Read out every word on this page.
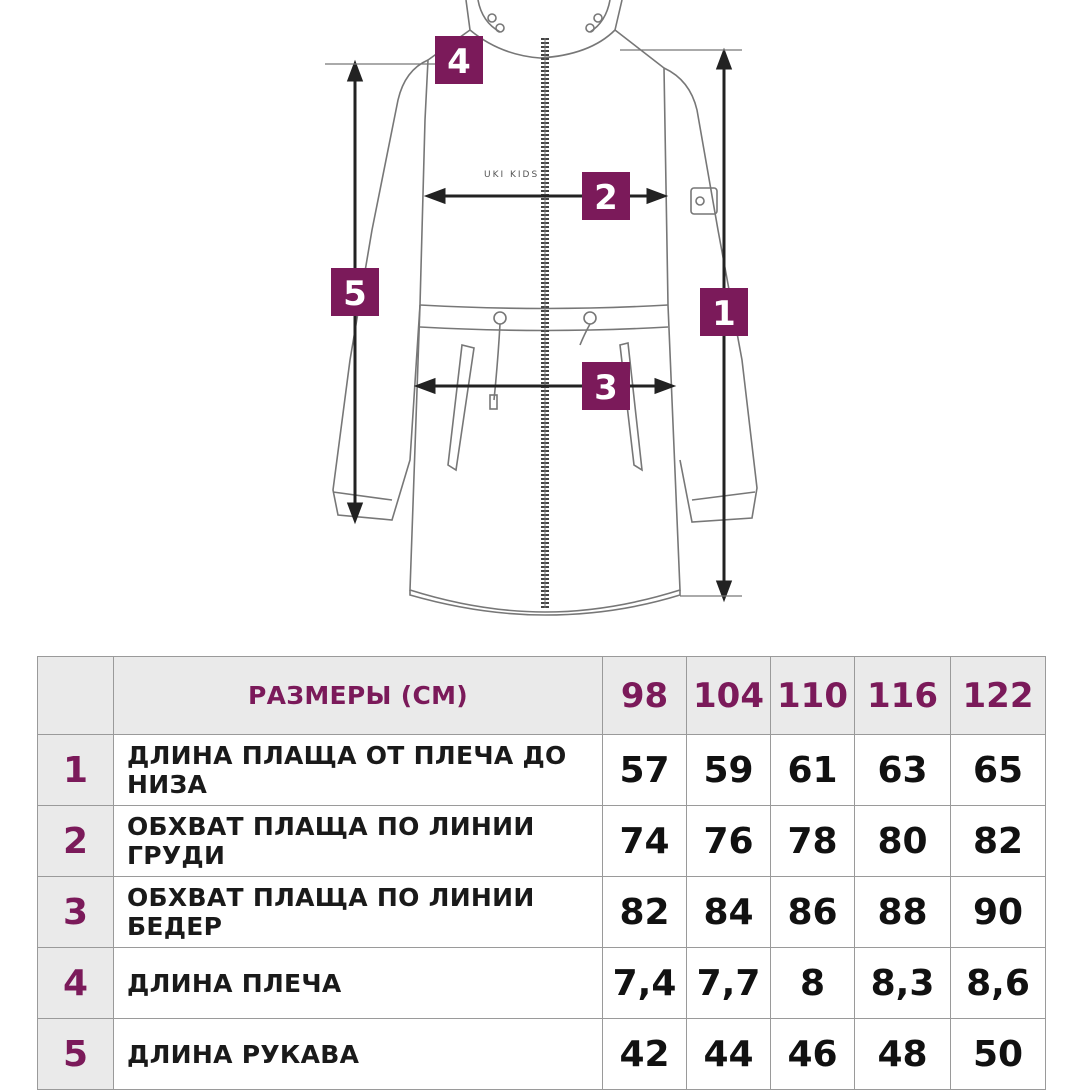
UKI KIDS
1
2
3
4
5
	РАЗМЕРЫ (СМ)	98	104	110	116	122
1	ДЛИНА ПЛАЩА ОТ ПЛЕЧА ДО НИЗА	57	59	61	63	65
2	ОБХВАТ ПЛАЩА ПО ЛИНИИ ГРУДИ	74	76	78	80	82
3	ОБХВАТ ПЛАЩА ПО ЛИНИИ БЕДЕР	82	84	86	88	90
4	ДЛИНА ПЛЕЧА	7,4	7,7	8	8,3	8,6
5	ДЛИНА РУКАВА	42	44	46	48	50
